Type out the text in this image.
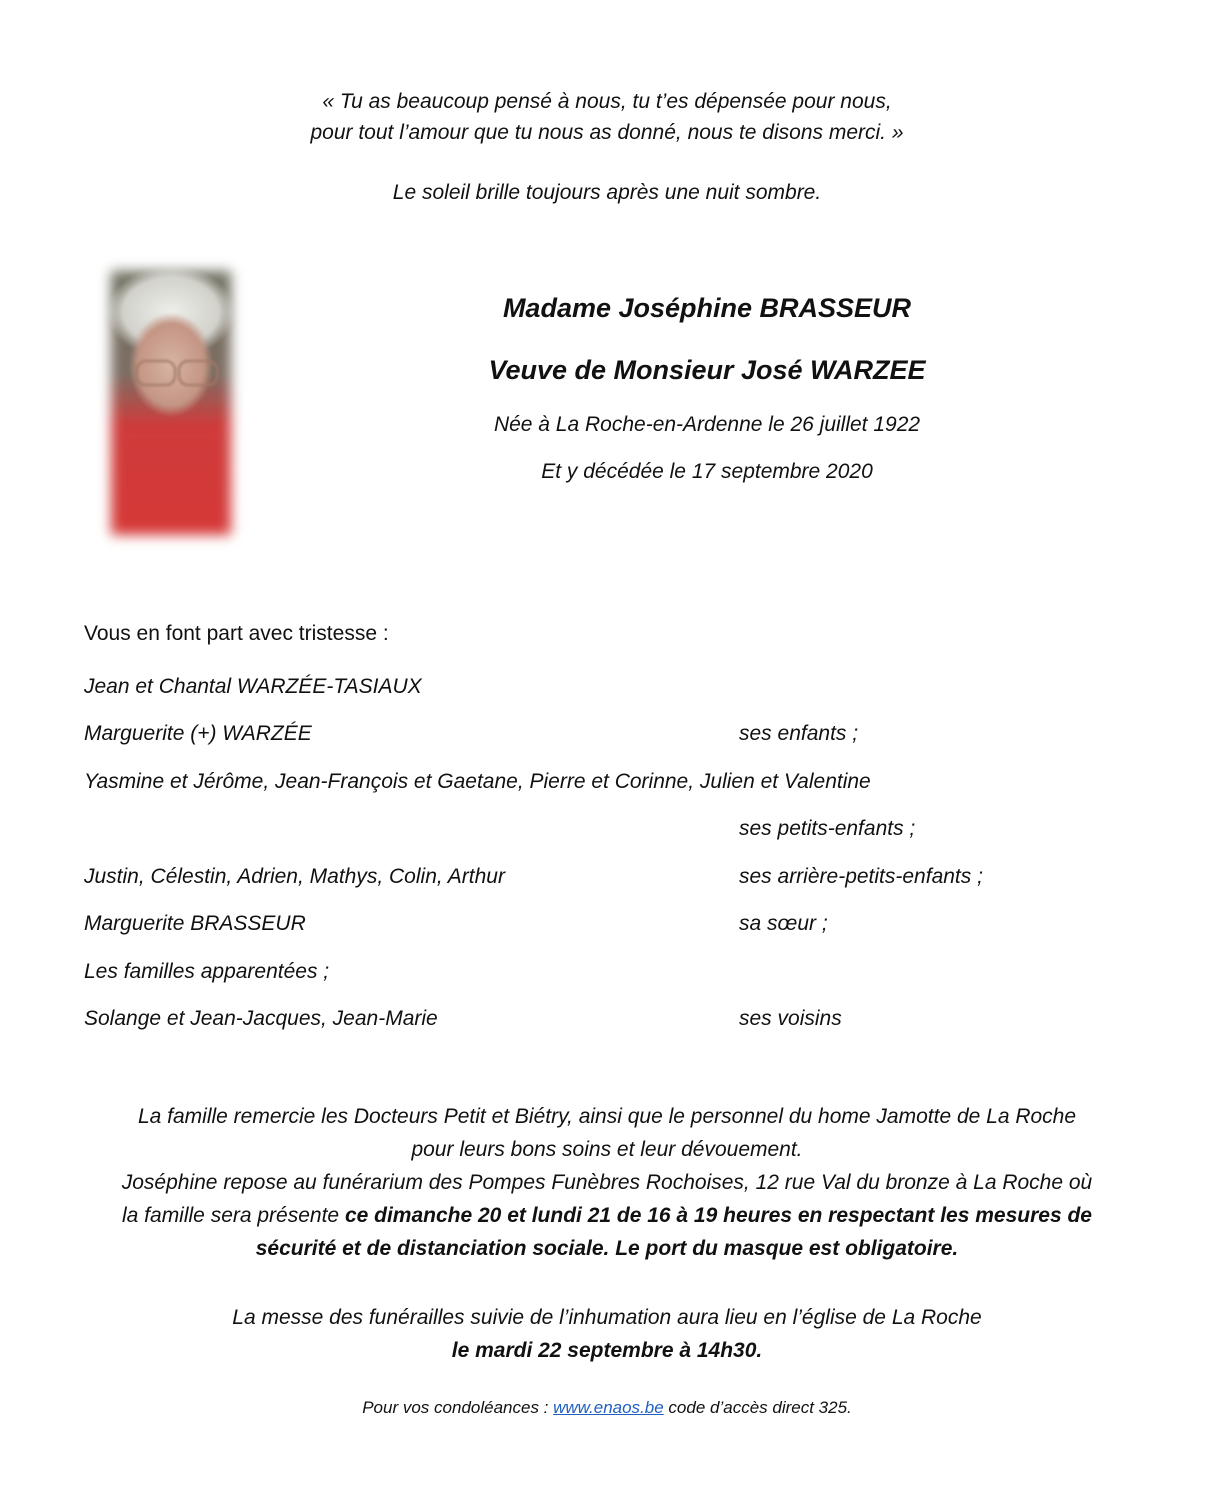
« Tu as beaucoup pensé à nous, tu t’es dépensée pour nous,
pour tout l’amour que tu nous as donné, nous te disons merci. »
Le soleil brille toujours après une nuit sombre.
Madame Joséphine BRASSEUR
Veuve de Monsieur José WARZEE
Née à La Roche-en-Ardenne le 26 juillet 1922
Et y décédée le 17 septembre 2020
Vous en font part avec tristesse :
Jean et Chantal WARZÉE-TASIAUX
Marguerite (+) WARZÉE	ses enfants ;
Yasmine et Jérôme, Jean-François et Gaetane, Pierre et Corinne, Julien et Valentine
ses petits-enfants ;
Justin, Célestin, Adrien, Mathys, Colin, Arthur	ses arrière-petits-enfants ;
Marguerite BRASSEUR	sa sœur ;
Les familles apparentées ;
Solange et Jean-Jacques, Jean-Marie	ses voisins
La famille remercie les Docteurs Petit et Biétry, ainsi que le personnel du home Jamotte de La Roche
pour leurs bons soins et leur dévouement.
Joséphine repose au funérarium des Pompes Funèbres Rochoises, 12 rue Val du bronze à La Roche où
la famille sera présente ce dimanche 20 et lundi 21 de 16 à 19 heures en respectant les mesures de
sécurité et de distanciation sociale. Le port du masque est obligatoire.
La messe des funérailles suivie de l’inhumation aura lieu en l’église de La Roche
le mardi 22 septembre à 14h30.
Pour vos condoléances : www.enaos.be code d’accès direct 325.
